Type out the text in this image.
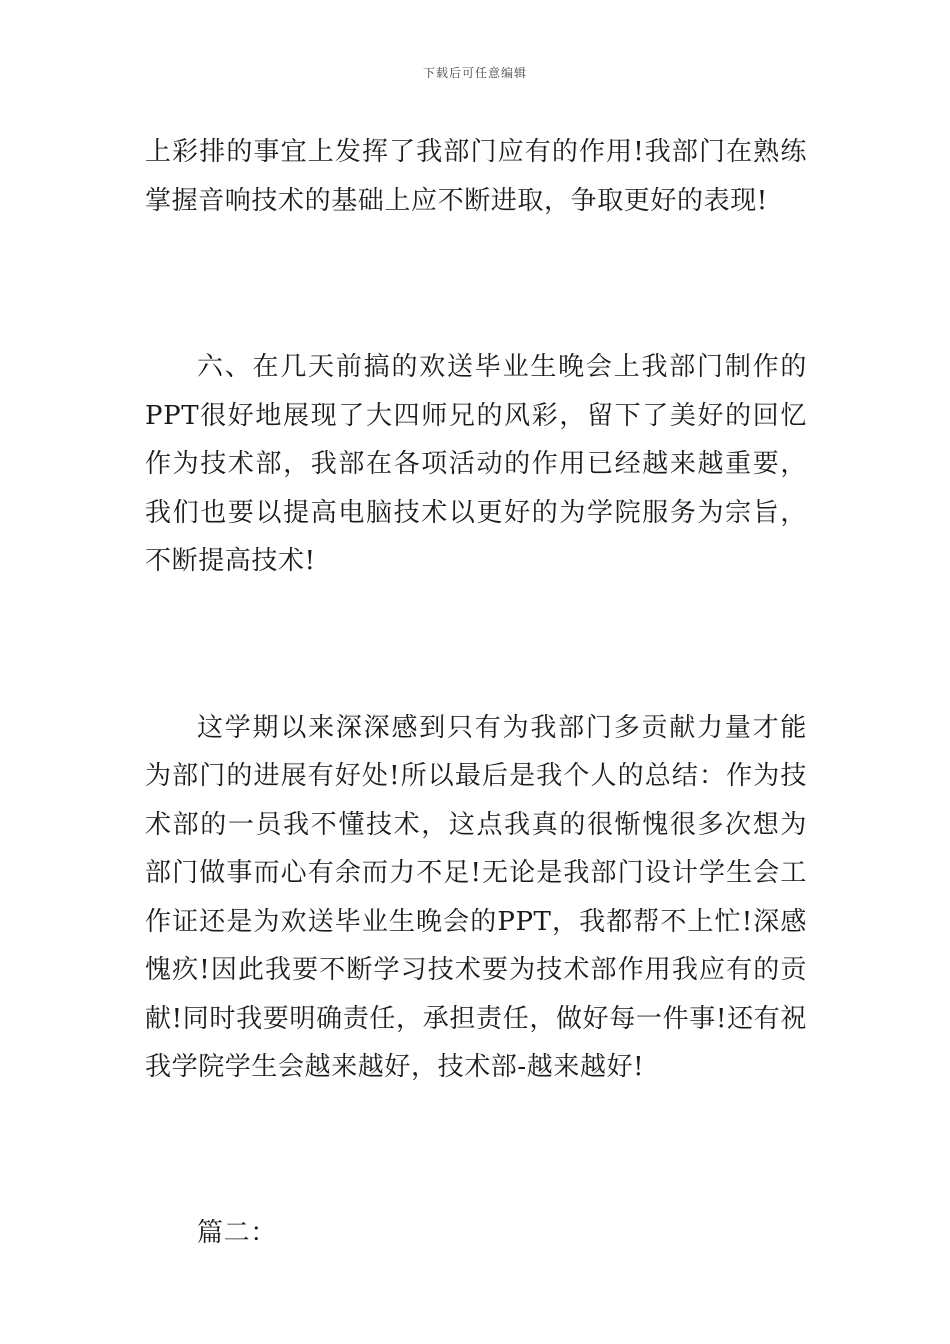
下载后可任意编辑

上彩排的事宜上发挥了我部门应有的作用!我部门在熟练掌握音响技术的基础上应不断进取，争取更好的表现!

六、在几天前搞的欢送毕业生晚会上我部门制作的PPT很好地展现了大四师兄的风彩，留下了美好的回忆作为技术部，我部在各项活动的作用已经越来越重要，我们也要以提高电脑技术以更好的为学院服务为宗旨，不断提高技术!

这学期以来深深感到只有为我部门多贡献力量才能为部门的进展有好处!所以最后是我个人的总结：作为技术部的一员我不懂技术，这点我真的很惭愧很多次想为部门做事而心有余而力不足!无论是我部门设计学生会工作证还是为欢送毕业生晚会的PPT，我都帮不上忙!深感愧疚!因此我要不断学习技术要为技术部作用我应有的贡献!同时我要明确责任，承担责任，做好每一件事!还有祝我学院学生会越来越好，技术部-越来越好!

篇二：
